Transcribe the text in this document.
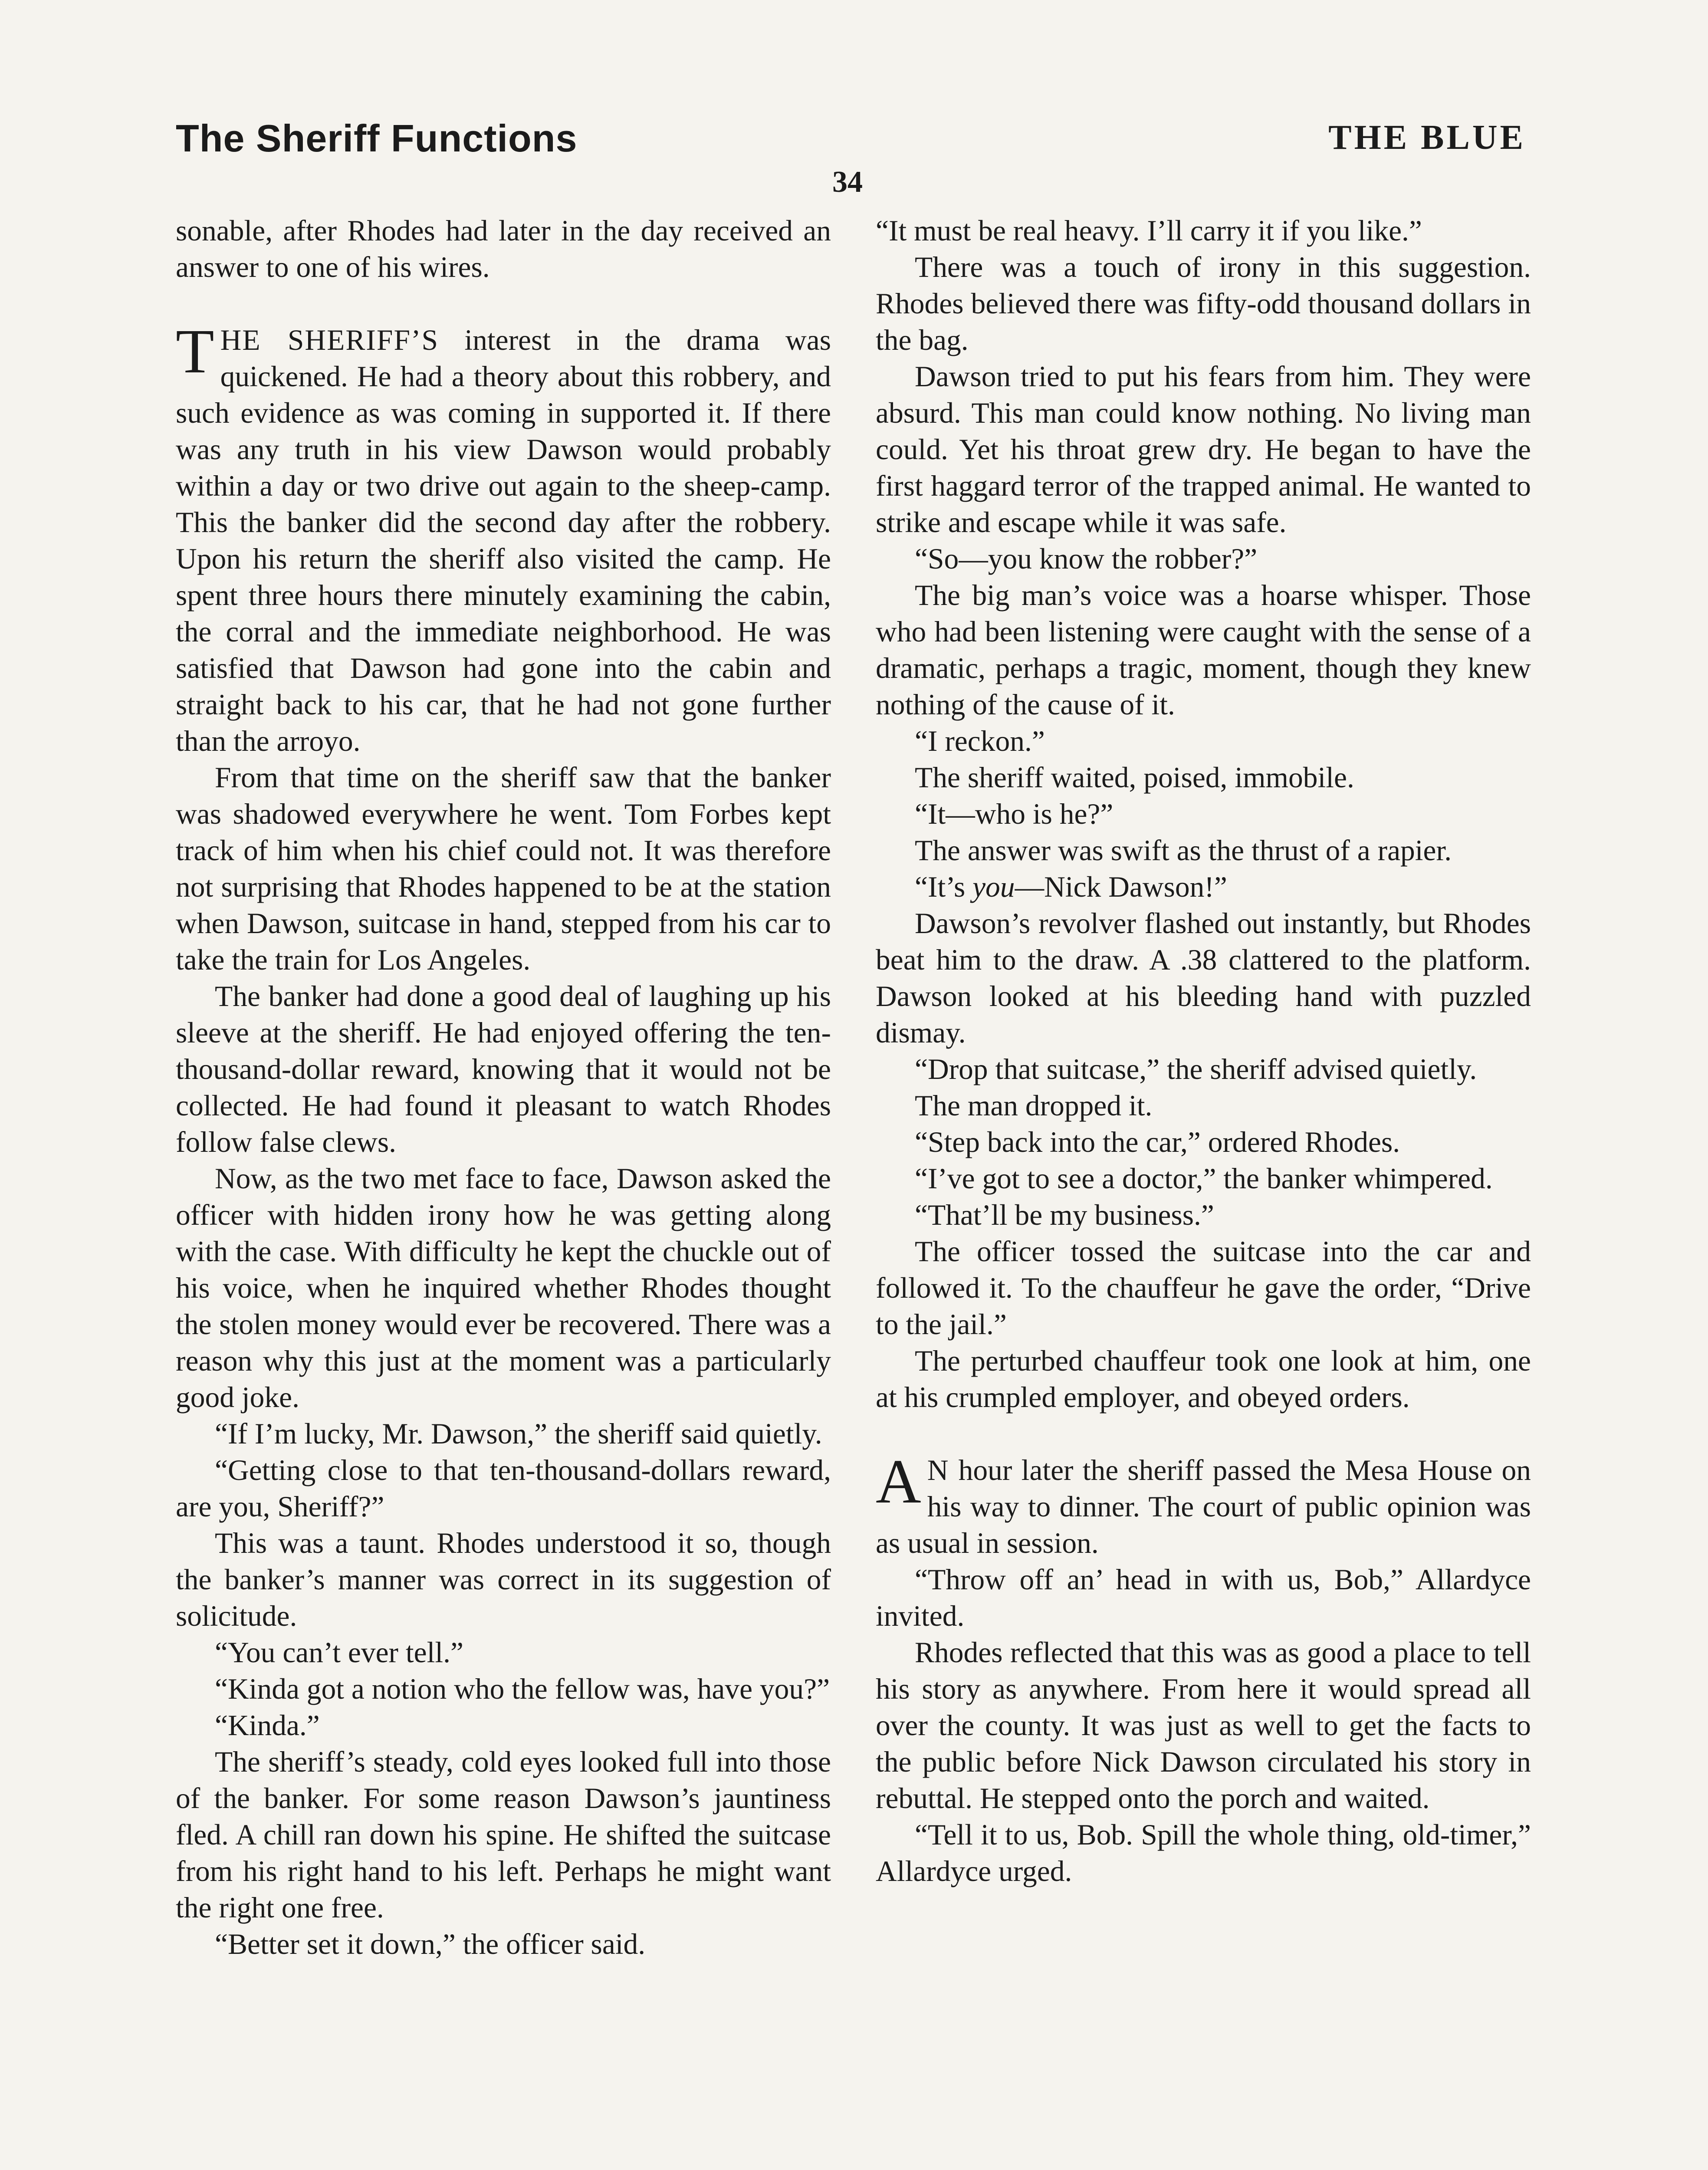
The Sheriff Functions	THE BLUE
34

sonable, after Rhodes had later in the day received an answer to one of his wires.

THE SHERIFF’S interest in the drama was quickened. He had a theory about this robbery, and such evidence as was coming in supported it. If there was any truth in his view Dawson would probably within a day or two drive out again to the sheep-camp. This the banker did the second day after the robbery. Upon his return the sheriff also visited the camp. He spent three hours there minutely examining the cabin, the corral and the immediate neighborhood. He was satisfied that Dawson had gone into the cabin and straight back to his car, that he had not gone further than the arroyo.

From that time on the sheriff saw that the banker was shadowed everywhere he went. Tom Forbes kept track of him when his chief could not. It was therefore not surprising that Rhodes happened to be at the station when Dawson, suitcase in hand, stepped from his car to take the train for Los Angeles.

The banker had done a good deal of laughing up his sleeve at the sheriff. He had enjoyed offering the ten-thousand-dollar reward, knowing that it would not be collected. He had found it pleasant to watch Rhodes follow false clews.

Now, as the two met face to face, Dawson asked the officer with hidden irony how he was getting along with the case. With difficulty he kept the chuckle out of his voice, when he inquired whether Rhodes thought the stolen money would ever be recovered. There was a reason why this just at the moment was a particularly good joke.

“If I’m lucky, Mr. Dawson,” the sheriff said quietly.

“Getting close to that ten-thousand-dollars reward, are you, Sheriff?”

This was a taunt. Rhodes understood it so, though the banker’s manner was correct in its suggestion of solicitude.

“You can’t ever tell.”

“Kinda got a notion who the fellow was, have you?”

“Kinda.”

The sheriff’s steady, cold eyes looked full into those of the banker. For some reason Dawson’s jauntiness fled. A chill ran down his spine. He shifted the suitcase from his right hand to his left. Perhaps he might want the right one free.

“Better set it down,” the officer said.

“It must be real heavy. I’ll carry it if you like.”

There was a touch of irony in this suggestion. Rhodes believed there was fifty-odd thousand dollars in the bag.

Dawson tried to put his fears from him. They were absurd. This man could know nothing. No living man could. Yet his throat grew dry. He began to have the first haggard terror of the trapped animal. He wanted to strike and escape while it was safe.

“So—you know the robber?”

The big man’s voice was a hoarse whisper. Those who had been listening were caught with the sense of a dramatic, perhaps a tragic, moment, though they knew nothing of the cause of it.

“I reckon.”

The sheriff waited, poised, immobile.

“It—who is he?”

The answer was swift as the thrust of a rapier.

“It’s you—Nick Dawson!”

Dawson’s revolver flashed out instantly, but Rhodes beat him to the draw. A .38 clattered to the platform. Dawson looked at his bleeding hand with puzzled dismay.

“Drop that suitcase,” the sheriff advised quietly.

The man dropped it.

“Step back into the car,” ordered Rhodes.

“I’ve got to see a doctor,” the banker whimpered.

“That’ll be my business.”

The officer tossed the suitcase into the car and followed it. To the chauffeur he gave the order, “Drive to the jail.”

The perturbed chauffeur took one look at him, one at his crumpled employer, and obeyed orders.

A N hour later the sheriff passed the Mesa House on his way to dinner. The court of public opinion was as usual in session.

“Throw off an’ head in with us, Bob,” Allardyce invited.

Rhodes reflected that this was as good a place to tell his story as anywhere. From here it would spread all over the county. It was just as well to get the facts to the public before Nick Dawson circulated his story in rebuttal. He stepped onto the porch and waited.

“Tell it to us, Bob. Spill the whole thing, old-timer,” Allardyce urged.
